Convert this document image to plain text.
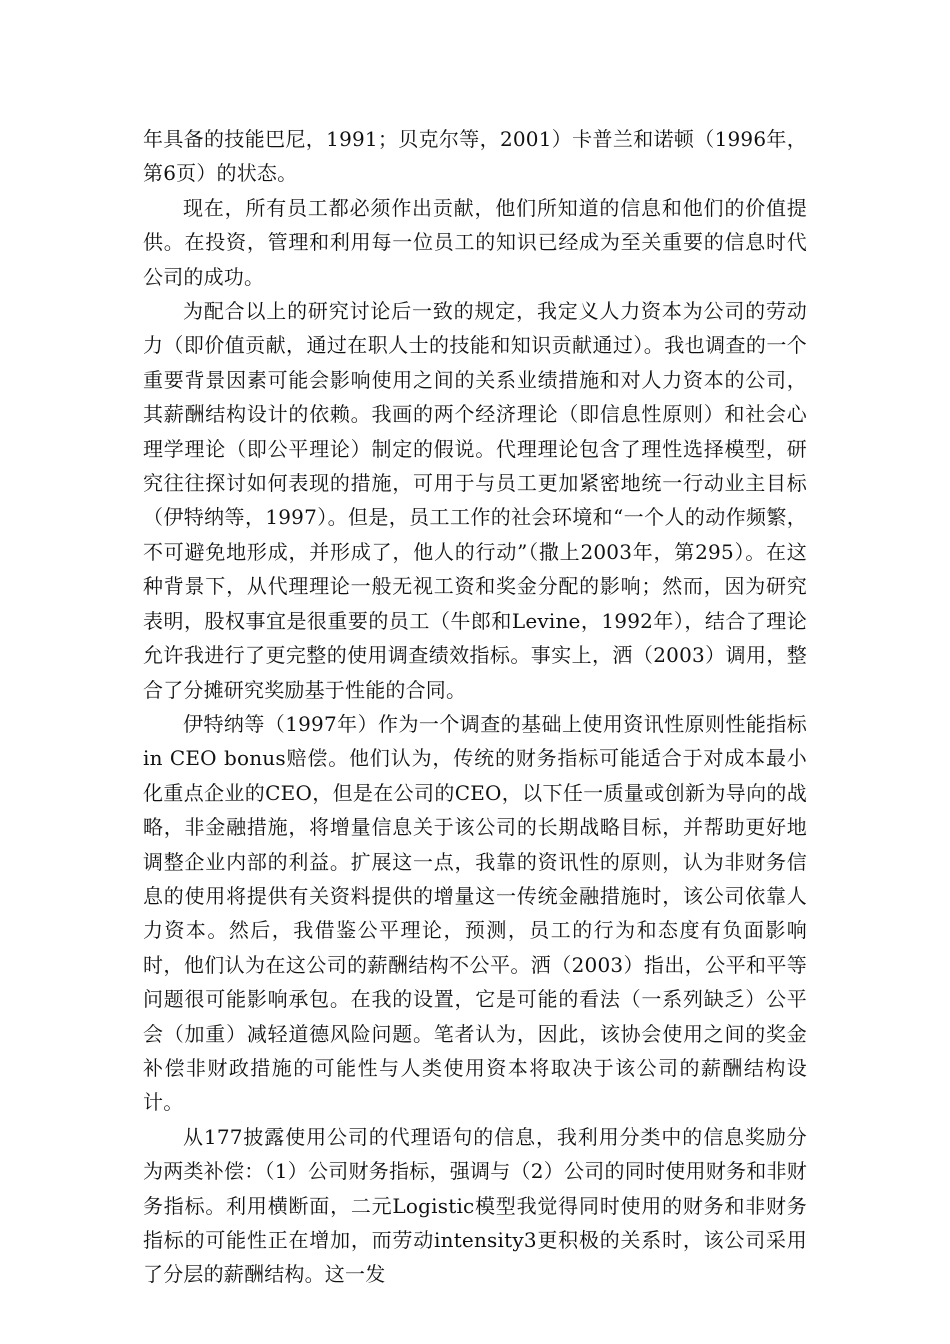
年具备的技能巴尼，1991；贝克尔等，2001）卡普兰和诺顿（1996年，第6页）的状态。

现在，所有员工都必须作出贡献，他们所知道的信息和他们的价值提供。在投资，管理和利用每一位员工的知识已经成为至关重要的信息时代公司的成功。

为配合以上的研究讨论后一致的规定，我定义人力资本为公司的劳动力（即价值贡献，通过在职人士的技能和知识贡献通过）。我也调查的一个重要背景因素可能会影响使用之间的关系业绩措施和对人力资本的公司，其薪酬结构设计的依赖。我画的两个经济理论（即信息性原则）和社会心理学理论（即公平理论）制定的假说。代理理论包含了理性选择模型，研究往往探讨如何表现的措施，可用于与员工更加紧密地统一行动业主目标（伊特纳等，1997）。但是，员工工作的社会环境和“一个人的动作频繁，不可避免地形成，并形成了，他人的行动”（撒上2003年，第295）。在这种背景下，从代理理论一般无视工资和奖金分配的影响；然而，因为研究表明，股权事宜是很重要的员工（牛郎和Levine，1992年），结合了理论允许我进行了更完整的使用调查绩效指标。事实上，洒（2003）调用，整合了分摊研究奖励基于性能的合同。

伊特纳等（1997年）作为一个调查的基础上使用资讯性原则性能指标in CEO bonus赔偿。他们认为，传统的财务指标可能适合于对成本最小化重点企业的CEO，但是在公司的CEO，以下任一质量或创新为导向的战略，非金融措施，将增量信息关于该公司的长期战略目标，并帮助更好地调整企业内部的利益。扩展这一点，我靠的资讯性的原则，认为非财务信息的使用将提供有关资料提供的增量这一传统金融措施时，该公司依靠人力资本。然后，我借鉴公平理论，预测，员工的行为和态度有负面影响时，他们认为在这公司的薪酬结构不公平。洒（2003）指出，公平和平等问题很可能影响承包。在我的设置，它是可能的看法（一系列缺乏）公平会（加重）减轻道德风险问题。笔者认为，因此，该协会使用之间的奖金补偿非财政措施的可能性与人类使用资本将取决于该公司的薪酬结构设计。

从177披露使用公司的代理语句的信息，我利用分类中的信息奖励分为两类补偿：（1）公司财务指标，强调与（2）公司的同时使用财务和非财务指标。利用横断面，二元Logistic模型我觉得同时使用的财务和非财务指标的可能性正在增加，而劳动intensity3更积极的关系时，该公司采用了分层的薪酬结构。这一发
